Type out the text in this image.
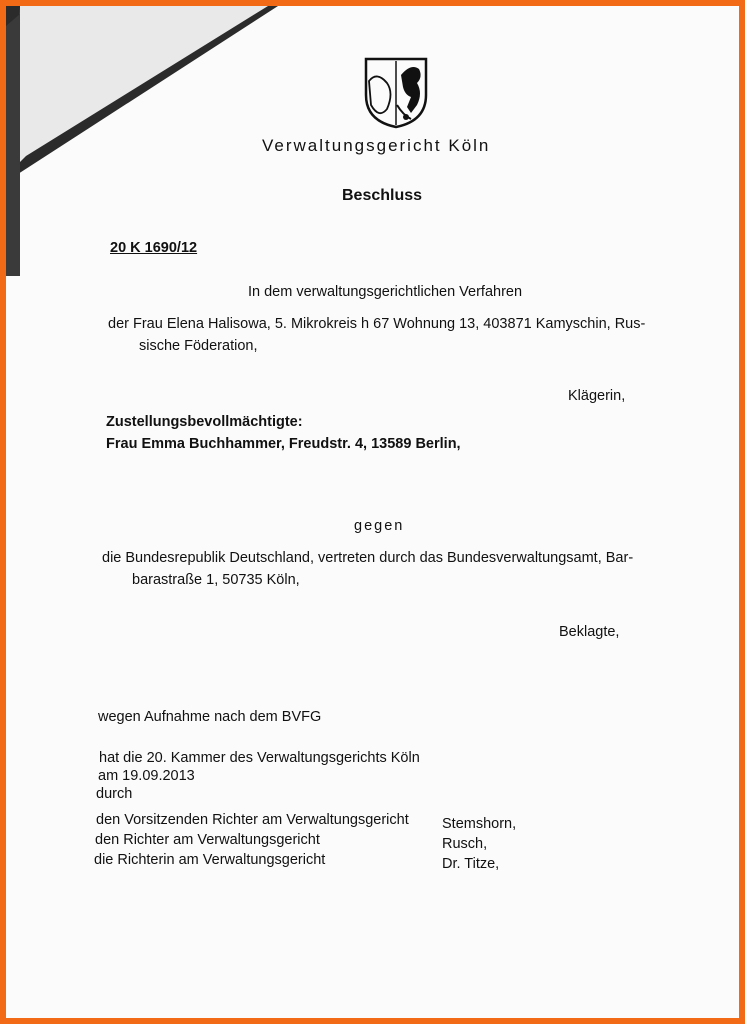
Verwaltungsgericht Köln
Beschluss
20 K 1690/12
In dem verwaltungsgerichtlichen Verfahren
der Frau Elena Halisowa, 5. Mikrokreis h 67 Wohnung 13, 403871 Kamyschin, Rus-
sische Föderation,
Klägerin,
Zustellungsbevollmächtigte:
Frau Emma Buchhammer, Freudstr. 4, 13589 Berlin,
gegen
die Bundesrepublik Deutschland, vertreten durch das Bundesverwaltungsamt, Bar-
barastraße 1, 50735 Köln,
Beklagte,
wegen Aufnahme nach dem BVFG
hat die 20. Kammer des Verwaltungsgerichts Köln
am 19.09.2013
durch
den Vorsitzenden Richter am Verwaltungsgericht
den Richter am Verwaltungsgericht
die Richterin am Verwaltungsgericht
Stemshorn,
Rusch,
Dr. Titze,
